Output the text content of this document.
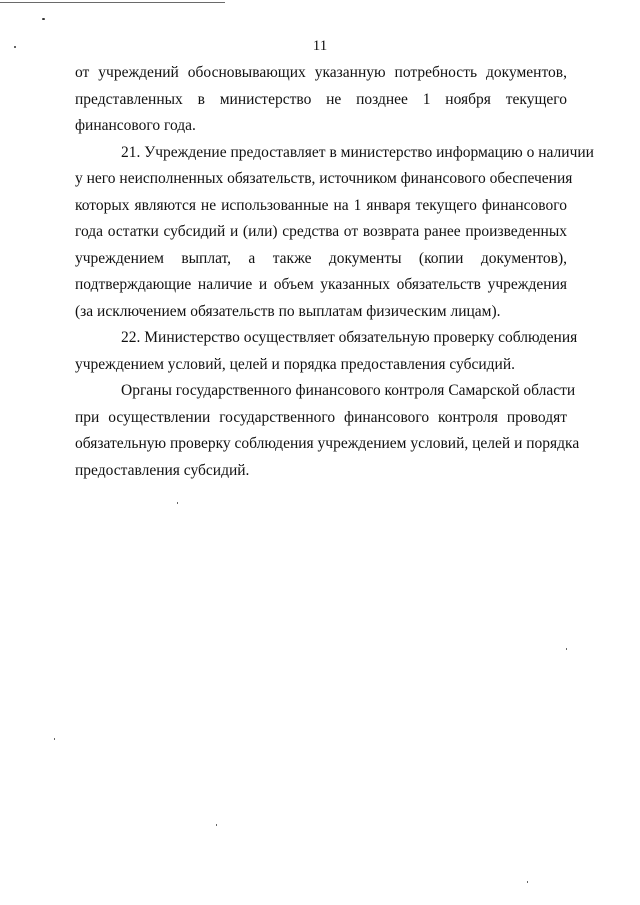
11

от учреждений обосновывающих указанную потребность документов,
представленных в министерство не позднее 1 ноября текущего
финансового года.

21. Учреждение предоставляет в министерство информацию о наличии
у него неисполненных обязательств, источником финансового обеспечения
которых являются не использованные на 1 января текущего финансового
года остатки субсидий и (или) средства от возврата ранее произведенных
учреждением выплат, а также документы (копии документов),
подтверждающие наличие и объем указанных обязательств учреждения
(за исключением обязательств по выплатам физическим лицам).

22. Министерство осуществляет обязательную проверку соблюдения
учреждением условий, целей и порядка предоставления субсидий.

Органы государственного финансового контроля Самарской области
при осуществлении государственного финансового контроля проводят
обязательную проверку соблюдения учреждением условий, целей и порядка
предоставления субсидий.
